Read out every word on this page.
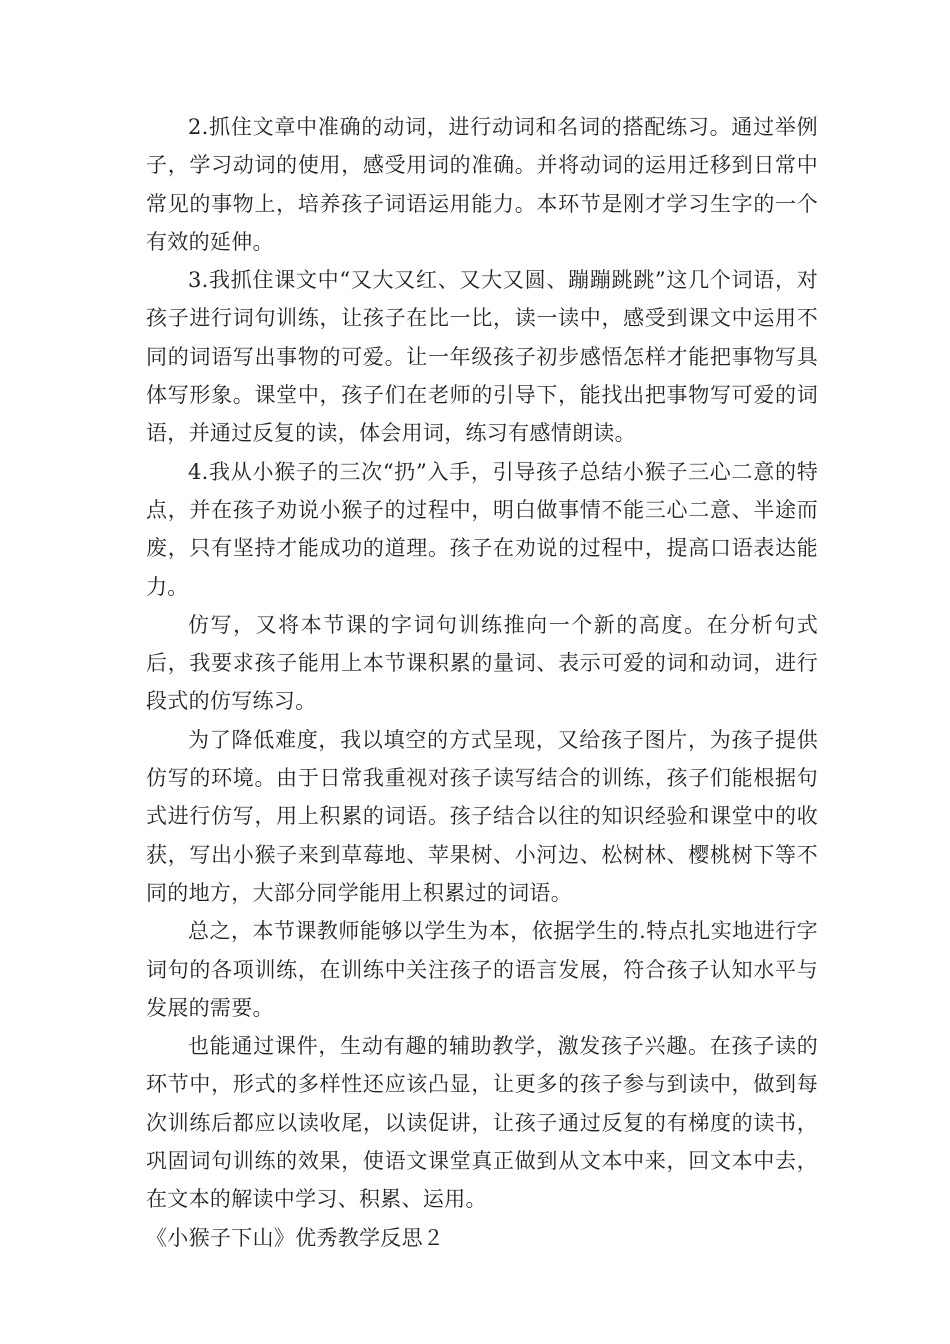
2.抓住文章中准确的动词，进行动词和名词的搭配练习。通过举例子，学习动词的使用，感受用词的准确。并将动词的运用迁移到日常中常见的事物上，培养孩子词语运用能力。本环节是刚才学习生字的一个有效的延伸。

3.我抓住课文中“又大又红、又大又圆、蹦蹦跳跳”这几个词语，对孩子进行词句训练，让孩子在比一比，读一读中，感受到课文中运用不同的词语写出事物的可爱。让一年级孩子初步感悟怎样才能把事物写具体写形象。课堂中，孩子们在老师的引导下，能找出把事物写可爱的词语，并通过反复的读，体会用词，练习有感情朗读。

4.我从小猴子的三次“扔”入手，引导孩子总结小猴子三心二意的特点，并在孩子劝说小猴子的过程中，明白做事情不能三心二意、半途而废，只有坚持才能成功的道理。孩子在劝说的过程中，提高口语表达能力。

仿写，又将本节课的字词句训练推向一个新的高度。在分析句式后，我要求孩子能用上本节课积累的量词、表示可爱的词和动词，进行段式的仿写练习。

为了降低难度，我以填空的方式呈现，又给孩子图片，为孩子提供仿写的环境。由于日常我重视对孩子读写结合的训练，孩子们能根据句式进行仿写，用上积累的词语。孩子结合以往的知识经验和课堂中的收获，写出小猴子来到草莓地、苹果树、小河边、松树林、樱桃树下等不同的地方，大部分同学能用上积累过的词语。

总之，本节课教师能够以学生为本，依据学生的.特点扎实地进行字词句的各项训练，在训练中关注孩子的语言发展，符合孩子认知水平与发展的需要。

也能通过课件，生动有趣的辅助教学，激发孩子兴趣。在孩子读的环节中，形式的多样性还应该凸显，让更多的孩子参与到读中，做到每次训练后都应以读收尾，以读促讲，让孩子通过反复的有梯度的读书，巩固词句训练的效果，使语文课堂真正做到从文本中来，回文本中去，在文本的解读中学习、积累、运用。

《小猴子下山》优秀教学反思２
